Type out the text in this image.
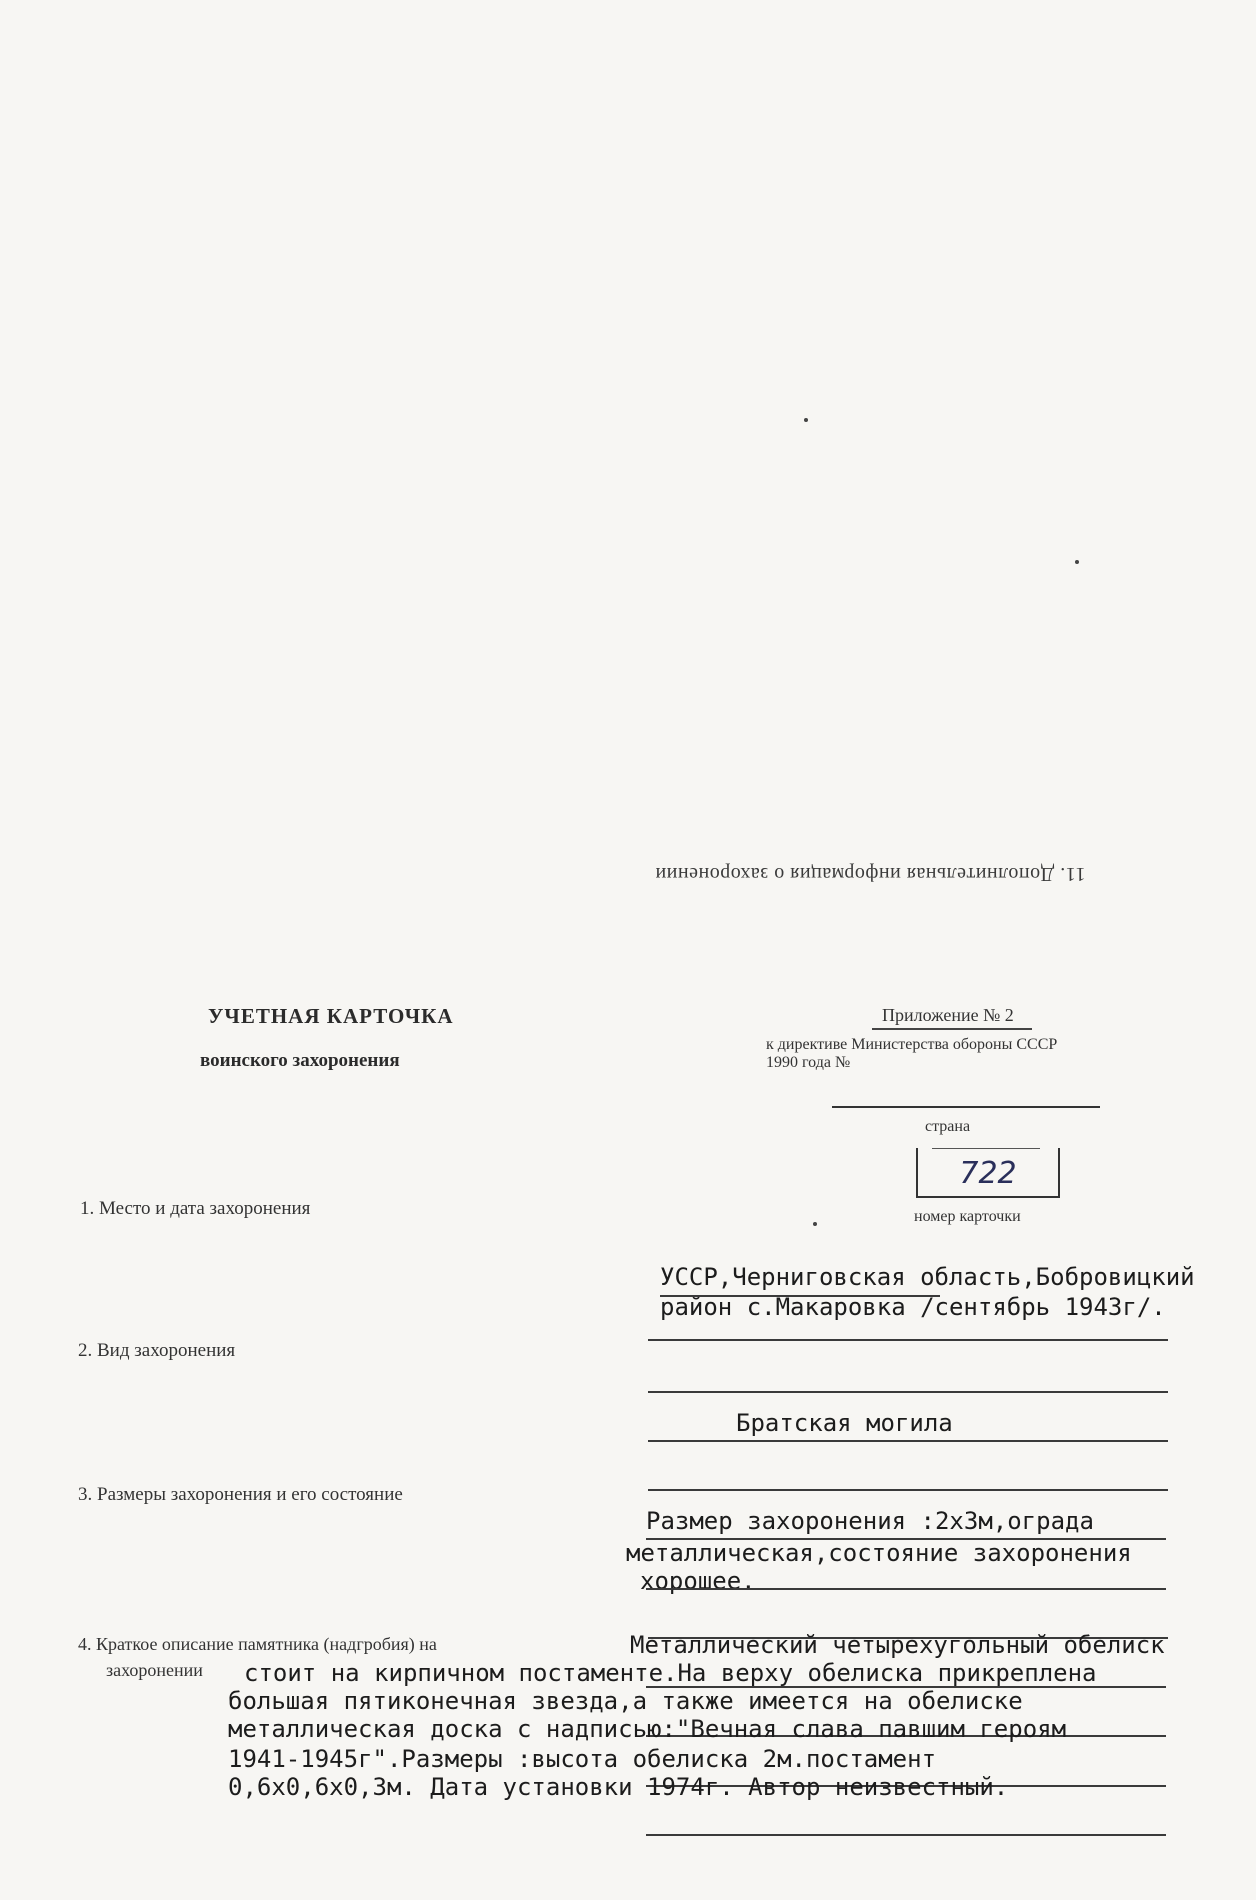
11. Дополнительная информация о захоронении
УЧЕТНАЯ КАРТОЧКА
воинского захоронения
Приложение № 2
к директиве Министерства обороны СССР
1990 года №
страна
722
номер карточки
1. Место и дата захоронения
УССР,Черниговская область,Бобровицкий
район с.Макаровка /сентябрь 1943г/.
2. Вид захоронения
Братская могила
3. Размеры захоронения и его состояние
Размер захоронения :2х3м,ограда
металлическая,состояние захоронения
хорошее.
4. Краткое описание памятника (надгробия) на
захоронении
Металлический четырехугольный обелиск
стоит на кирпичном постаменте.На верху обелиска прикреплена
большая пятиконечная звезда,а также имеется на обелиске
металлическая доска с надписью:"Вечная слава павшим героям
1941-1945г".Размеры :высота обелиска 2м.постамент
0,6х0,6х0,3м. Дата установки 1974г. Автор неизвестный.
